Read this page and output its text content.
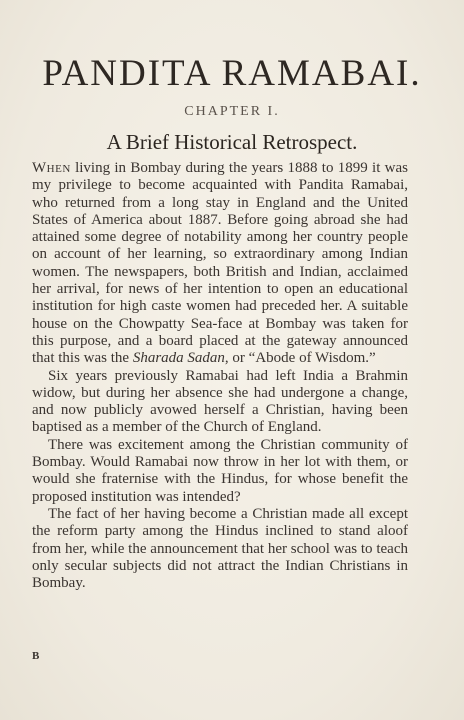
PANDITA RAMABAI.
CHAPTER I.
A Brief Historical Retrospect.

When living in Bombay during the years 1888 to 1899 it was my privilege to become acquainted with Pandita Ramabai, who returned from a long stay in England and the United States of America about 1887. Before going abroad she had attained some degree of notability among her country people on account of her learning, so extraordinary among Indian women. The newspapers, both British and Indian, acclaimed her arrival, for news of her intention to open an educational institution for high caste women had preceded her. A suitable house on the Chowpatty Sea-face at Bombay was taken for this purpose, and a board placed at the gateway announced that this was the Sharada Sadan, or “Abode of Wisdom.”

Six years previously Ramabai had left India a Brahmin widow, but during her absence she had undergone a change, and now publicly avowed herself a Christian, having been baptised as a member of the Church of England.

There was excitement among the Christian community of Bombay. Would Ramabai now throw in her lot with them, or would she fraternise with the Hindus, for whose benefit the proposed institution was intended?

The fact of her having become a Christian made all except the reform party among the Hindus inclined to stand aloof from her, while the announcement that her school was to teach only secular subjects did not attract the Indian Christians in Bombay.

B
